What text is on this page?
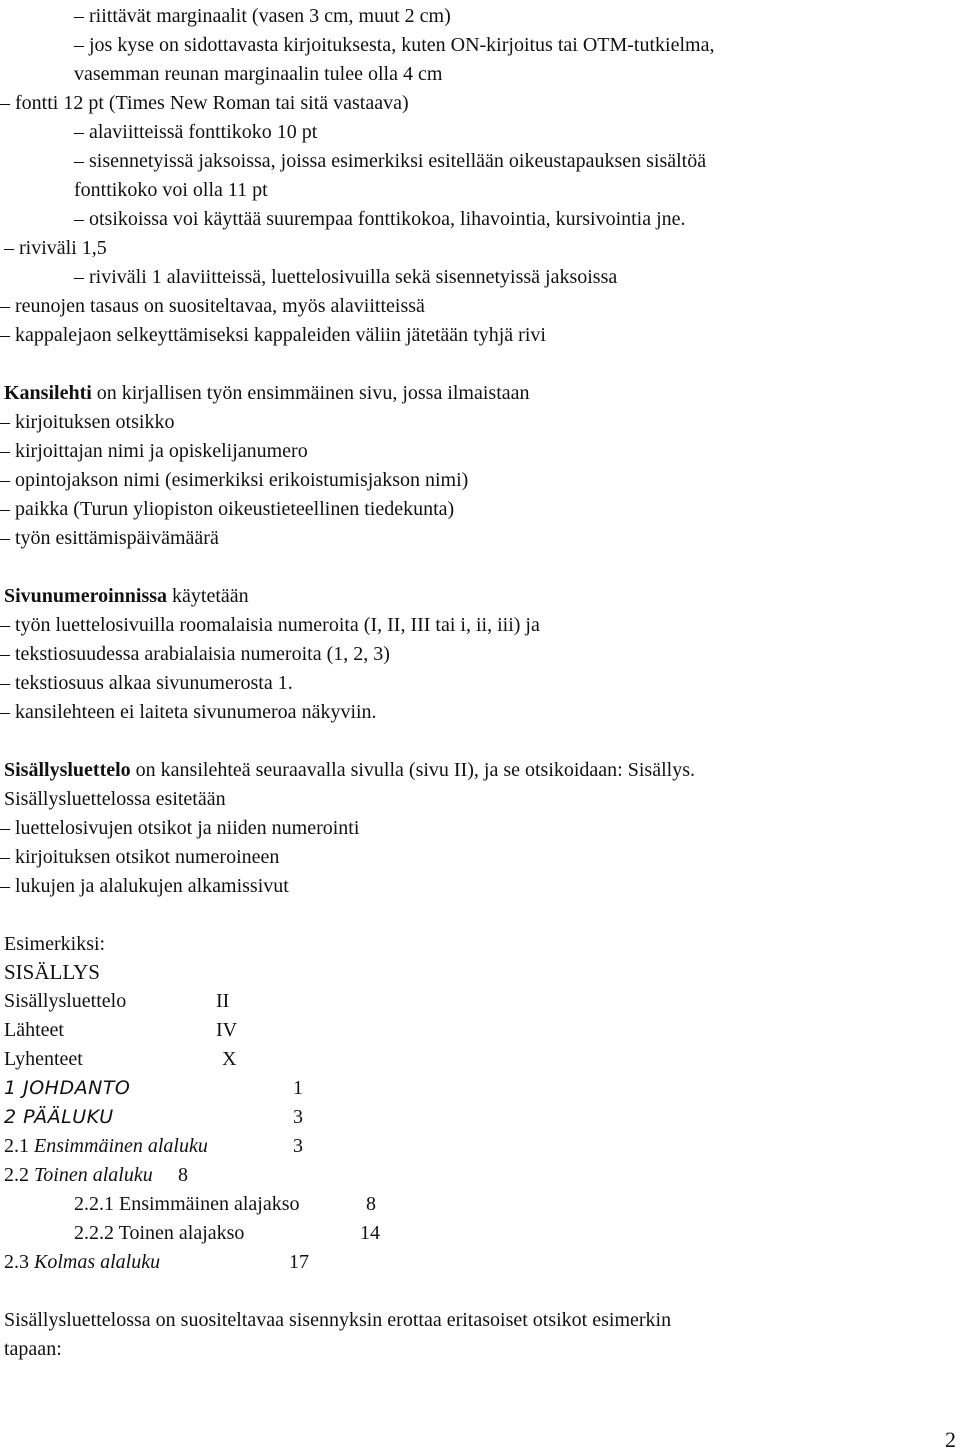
– riittävät marginaalit (vasen 3 cm, muut 2 cm)
– jos kyse on sidottavasta kirjoituksesta, kuten ON-kirjoitus tai OTM-tutkielma,
vasemman reunan marginaalin tulee olla 4 cm
– fontti 12 pt (Times New Roman tai sitä vastaava)
– alaviitteissä fonttikoko 10 pt
– sisennetyissä jaksoissa, joissa esimerkiksi esitellään oikeustapauksen sisältöä
fonttikoko voi olla 11 pt
– otsikoissa voi käyttää suurempaa fonttikokoa, lihavointia, kursivointia jne.
– riviväli 1,5
– riviväli 1 alaviitteissä, luettelosivuilla sekä sisennetyissä jaksoissa
– reunojen tasaus on suositeltavaa, myös alaviitteissä
– kappalejaon selkeyttämiseksi kappaleiden väliin jätetään tyhjä rivi
Kansilehti on kirjallisen työn ensimmäinen sivu, jossa ilmaistaan
– kirjoituksen otsikko
– kirjoittajan nimi ja opiskelijanumero
– opintojakson nimi (esimerkiksi erikoistumisjakson nimi)
– paikka (Turun yliopiston oikeustieteellinen tiedekunta)
– työn esittämispäivämäärä
Sivunumeroinnissa käytetään
– työn luettelosivuilla roomalaisia numeroita (I, II, III tai i, ii, iii) ja
– tekstiosuudessa arabialaisia numeroita (1, 2, 3)
– tekstiosuus alkaa sivunumerosta 1.
– kansilehteen ei laiteta sivunumeroa näkyviin.
Sisällysluettelo on kansilehteä seuraavalla sivulla (sivu II), ja se otsikoidaan: Sisällys.
Sisällysluettelossa esitetään
– luettelosivujen otsikot ja niiden numerointi
– kirjoituksen otsikot numeroineen
– lukujen ja alalukujen alkamissivut
Esimerkiksi:
SISÄLLYS
Sisällysluettelo	II
Lähteet	IV
Lyhenteet	X
1 JOHDANTO	1
2 PÄÄLUKU	3
2.1 Ensimmäinen alaluku	3
2.2 Toinen alaluku 8
2.2.1 Ensimmäinen alajakso	8
2.2.2 Toinen alajakso	14
2.3 Kolmas alaluku	17
Sisällysluettelossa on suositeltavaa sisennyksin erottaa eritasoiset otsikot esimerkin
tapaan:
2
